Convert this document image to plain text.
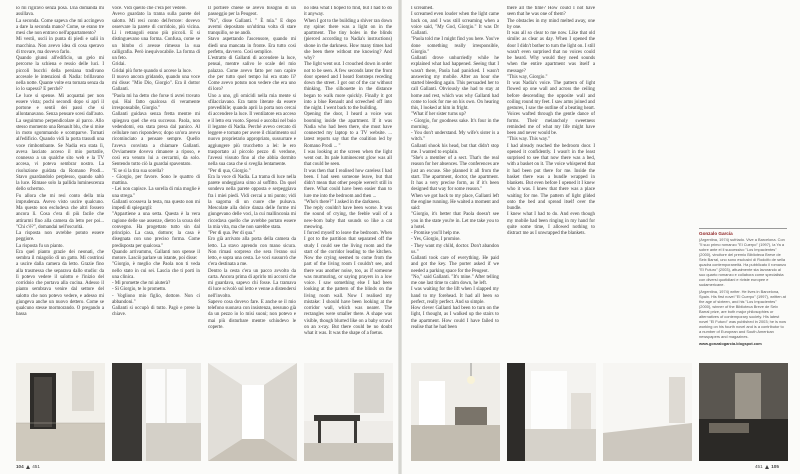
io mi rigiravo senza posa. Una domanda mi assillava.

La seconda. Come sapeva che mi accingevo a dare la seconda mano? Come, se erano tre mesi che non entravo nell'appartamento?

Mi vestii, uscii in punta di piedi e salii in macchina. Non avevo idea di cosa speravo di trovare, ma dovevo farlo.

Quando giunsi all'edificio, un gelo mi percorse la schiena e ressio delle luci. I piccoli bucchi della persiana tradivano accesole le intenzioni di Nadia: brillavano nella notte. Quante volte era tornata senza da io lo sapessi? E perché?

Le luce si spense. Mi acquattai per non essere vista; pochi secondi dopo si aprì il portone e sentii dei passi che si allontanavano. Senza pensare scesi dall'auto. La seguimmo perpendicolare al parco. Allo stesso momento una Renault blu, che si mise in moto sgommando e scomparve. Tornati all'edificio. Quando vidi la porta trasudi una voce rimbombante. Se Nadia era stata lì, aveva lasciato acceso il mio portatile, connesso a un qualche sito web e la TV accesa, vi poteva sembrar nostro. La risoluzione guidata da Romano Prodi... Stavo guardandolo perplesso, quando saltò la luce. Rimase solo la pallida luminescenza dello schermo.

Fu allora che mi resi conto della mia imprudenza. Avevo visto uscire qualcuno. Ma questo non escludeva che altri fossero ancora lì. Cosa c'era di più facile che attirarmi fino alla camera da letto per poi... "Chi c'è?", domandai nell'oscurità.

La risposta non avrebbe potuto essere peggiore.

La risposta fu un pianto.

Era quel pianto grazie dei neonati, che sembra il miagolio di un gatto. Mi costrinsi a uscire dalla camera da letto. Grazie fino alla trasmessa che separava dallo studio: da lì potevo vedere il salotto e l'inizio del corridoio che portava alla cucina. Adesso il pianto sembrava venire dal settore del salotto che non potevo vedere, e adesso mi giungeva anche un nuovo dettero. Come se qualcuno stesse mormorando. O pregando a bassa

voce. Vidi quello che c'era per vedere.

Avevo guardato la trama sulla parete del salotto. Mi resi conto dell'errore: dovevo osservare la parete di corridoio, più vicina. Lì i rettangoli erano più piccoli. E si distinguevano una forma. Confusa, come se un bimbo ci avesse rimesso la sua calligrafia. Però inequivocabile. La forma di un feto.

Gridai.

Gridai più forte quando si accese la luce.

Il nuovo ancora gridando, quando una voce mi disse: "Mio Dio, Giorgio". Era il dottor Gallanti.

"Paola mi ha detto che forse ti avrei trovato qui. Hai fatto qualcosa di veramente irresponsabile, Giorgio."

Gallanti guidava senza fretta mentre mi spiegava quel che era successo. Paola, non vedendomi, era stata presa dal panico. Al cellulare non rispondevo; dopo un'ora aveva ricominciato a pensare sempre. Quello l'aveva convinta a chiamare Gallanti. Ovviamente doveva rimanere a riposo, e così era venuto lui a cercarmi, da solo. Sentendo tutto ciò la guardai spaventato.

"E se sì la tira sua sorella?

- Giorgio, per favore. Sono le quattro di mattina.

- Lei non capisce. La sorella di mia moglie è una strega."

Gallanti scosseva la testa, ma questo non mi impedì di spiegargli:

"Appartiene a una setta. Questa è la vera ragione delle sue assenze, dietro la scusa del convegno. Ha progettato tutto sin dal principio. La casa, dottore; la casa è disegnata con uno preciso forma. Come predisposta per qualcosa."

Quando arrivammo, Gallanti non spense il motore. Lasciò parlare un istante, poi disse:

"Giorgio, è meglio che Paola non ti veda nello stato in cui sei. Lascia che ti porti in una clinica.

- Mi promette che mi aiuterà?

- Sì Giorgio, te lo prometto.

- Vogliono mio figlio, dottore. Non ci abbandoni."

Gallanti si occupò di tutto. Pagò e prese la chiave.

Il portiere chiese se avevo bisogno di un passeggio per la Peugeot.

"No", disse Gallanti. " È mia." E dopo avermi depositato un'ultima volta di stare tranquillo, se ne andò.

Stavo aspettando l'ascensore, quando mi diedi una mancata in fronte. Era tutto così perfetto, davvero. Così semplice.

L'estratto di Gallanti di accendere la luce, pensai, mentre salivo le scale del mio palazzo. Come avevo fatto per non capire che per tutto quel tempo lui era stato lì? Come avevo potuto non vedere che era uno di loro?

Uno a uno, gli omicidi nella mia mente si sfilacciavano. Era tanto literate da essere prevedibile; quando aprii la porta non cercai di accendere la luce. Il ventilatore era acceso e il letto era vuoto. Spensi e ascoltai nel buio il legame di Nadia. Perché avevo cercato di leggere e tornato per avere il chiarimento sul nuovo proprietario appropriato, sussurrare e aggiungere più trucchetto a lei: le ero trasportato al piccolo pezzo di verdone, l'avessi vissuto fino al che abbia dormito nella sua casa che si sveglia lentamente.

"Per di qua, Giorgio."

Era la voce di Nadia. La trama di luce nella parete ondeggiava simo al soffitto. Da quel sondeva nella parete opposta e serpeggiava fra i miei piedi. Vidi cercai a mi punto; vidi la sagoma di un cuore che pulsava. Mescolate alla dolce danza delle forme mi giungevano delle voci, la cui mallinconia mi ricordava quello che avrebbe portato essere la mia vita, ma che non sarebbe stata.

"Per di qua. Per di qua."

Ero già arrivato alla porta della camera da letto. La stavo aprendo con mano sicura. Non rimasi sorpreso che sera l'erano sui letto, e sopra una cesta. Le voci sussurrò che c'era destinata a me.

Dentro la cesta c'era un pacco avvolto da carta. Ancora prima di aprirlo mi accorsi che mi guardava, sapevo chi fosse. La tramava di luce scivolò sul letto e venne a distendersi nell'involto.

Sapevo cosa dovevo fare. E anche se il mio telefono suonava con insistenza, nessuno già da un pezzo io lo misi suoni; non potevo e mai più disturbare mentre schiudevo le coperte.

no idea what I hoped to find, but I had to do it anyway.

When I got to the building a shiver ran down my spine: there was a light on in the apartment. The tiny holes in the blinds (pierced according to Nadia's instructions) shone in the darkness. How many times had she been there without me knowing? And why?

The light went out. I crouched down in order not to be seen. A few seconds later the front door opened and I heard footsteps receding down the street. I got out of the car without thinking. The silhouette in the distance began to walk more quickly. Finally it got into a blue Renault and screeched off into the night. I went back to the building.

Opening the door, I heard a voice was booming inside the apartment. If it was Nadia who had been there, she must have connected my laptop to a TV website. ... latest reports say that the coalition led by Romano Prodi ... "

I was looking at the screen when the light went out. Its pale luminescent glow was all that could be seen.

It was then that I realised how careless I had been. I had seen someone leave, but that didn't mean that other people weren't still in there. What could have been easier than to lure me into the bedroom and then ...

"Who's there?" I asked in the darkness.

The reply couldn't have been worse. It was the sound of crying, the feeble wail of a new-born baby that sounds so like a cat meowing.

I forced myself to leave the bedroom. When I got to the partition that separated off the study I could see the living room and the start of the corridor leading to the kitchen. Now the crying seemed to come from the part of the living room I couldn't see, and there was another noise, too, as if someone was murmuring, or saying prayers in a low voice. I saw something else I had been looking at the pattern of the blinds on the living room wall. Now I realised my mistake: I should have been looking at the corridor wall, which was nearer. The rectangles were smaller there. A shape was visible, though blurred like on a baby scrawl on an x-ray. But there could be no doubt what it was. It was the shape of a foetus.

I screamed.

I screamed even louder when the light came back on, and I was still screaming when a voice said, "My God, Giorgio." It was Dr Gallanti.

"Paola told me I might find you here. You've done something really irresponsible, Giorgio."

Gallanti drove unhurriedly while he explained what had happened. Seeing that I wasn't there, Paola had panicked. I wasn't answering my mobile. After an hour she started bleeding again. This persuaded her to call Gallanti. Obviously she had to stay at home and rest, which was why Gallanti had come to look for me on his own. On hearing this, I looked at him in fright.

"What if her sister turns up?

- Giorgio, for goodness sake. It's four in the morning.

- You don't understand. My wife's sister is a witch."

Gallanti shook his head, but that didn't stop me. I wanted to explain.

"She's a member of a sect. That's the real reason for her absences. The conferences are just an excuse. She planned it all from the start. The apartment, doctor, the apartment. It has a very precise form, as if it's been designed that way for some reason."

When we got back to my place, Gallanti left the engine running. He waited a moment and said:

"Giorgio, it's better that Paola doesn't see you in the state you're in. Let me take you to a hotel.

- Promise you'll help me.

- Yes, Giorgio, I promise.

- They want my child, doctor. Don't abandon us."

Gallanti took care of everything. He paid and got the key. The porter asked if we needed a parking space for the Peugeot.

"No," said Gallanti. "It's mine." After telling me one last time to calm down, he left.

I was waiting for the lift when I slapped my hand to my forehead. It had all been so perfect, really perfect. And so simple.

How clever Gallanti had been to turn on the light, I thought, as I walked up the stairs to the apartment. How could I have failed to realise that he had been

there all the time? How could I not have seen that he was one of them?

The obstacles in my mind melted away, one by one.

It was all so clear to me now. Like that old simile: as clear as day. When I opened the door I didn't bother to turn the light on. I still wasn't even surprised that no voices could be heard. Why would they need sounds when the entire apartment was itself a message?

"This way, Giorgio."

It was Nadia's voice. The pattern of light flowed up one wall and across the ceiling before descending the opposite wall and coiling round my feet. I saw arms joined and gestures, I saw the outline of a beating heart. Voices wafted through the gentle dance of forms. Their melancholy sweetness reminded me of what my life might have been and never would be.

"This way. This way."

I had already reached the bedroom door. I opened it confidently. I wasn't in the least surprised to see that now there was a bed, with a basket on it. The voice whispered that it had been put there for me. Inside the basket there was a bundle wrapped in blankets. But even before I opened it I knew who it was. I knew that there was a place waiting for me. The pattern of light glided onto the bed and spread itself over the bundle.

I knew what I had to do. And even though my mobile had been ringing in my hand for quite some time, I allowed nothing to distract me as I unwrapped the blankets.	Gonzalo García

(Argentina, 1974) sufriado. Vive a Barcelona. Con "Il suo primo romanzo "El Cuerpo" (1997), la Ya a sobre ante el il successivo "Los Impacientes" (2000), vincitore del premio Biblioteca Breve de Seix Barral, uno sono esclusivi di Rodolfo de sella quadra contemporaneità. Ha pubblicato il romanzo "El Futuro" (2003), attualmente sta lavorando al suo quarto romanzo e collabora come specialista con diversi quotidiani e riviste europee e sudamericane.

(Argentina, 1974) writer. He lives in Barcelona, Spain. His first novel "El Cuerpo" (1997), written at the age of sixteen, and his "Los Impacientes" (2000), winner of the Biblioteca Breve de Seix Barral prize, are both major philosophies or alternatives of contemporary society. His latest novel "El Futuro" was published in 2003; he is now working on his fourth novel and is a contributor to a number of European and South American newspapers and magazines.

www.gonzalogarcia.blogspot.com

104 451	451 105
